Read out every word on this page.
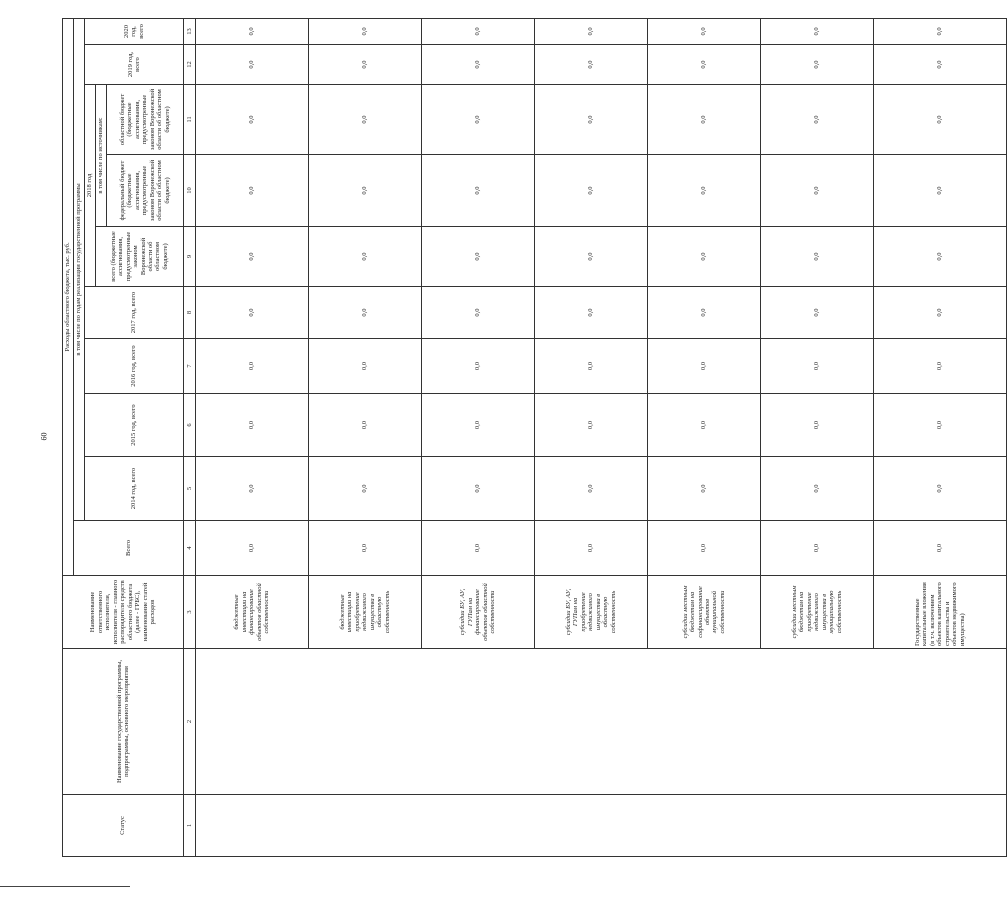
60
Статус	Наименование государственной программы, подпрограммы, основного мероприятия	Наименование ответственного исполнителя, исполнителя - главного распорядителя средств областного бюджета (далее - ГРБС), наименование статей расходов	Расходы областного бюджета, тыс. руб.									
			Всего	в том числе по годам реализации государственной программы								
				2014 год, всего	2015 год, всего	2016 год, всего	2017 год, всего	2018 год			2019 год, всего	2020 год, всего
								всего (бюджетные ассигнования, предусмотренные законом Воронежской области об областном бюджете)	в том числе по источникам:			
									федеральный бюджет (бюджетные ассигнования, предусмотренные законом Воронежской области об областном бюджете)	областной бюджет (бюджетные ассигнования, предусмотренные законом Воронежской области об областном бюджете)		
1	2	3	4	5	6	7	8	9	10	11	12	13
		бюджетные инвестиции на финансирование объектов областной собственности	0,0	0,0	0,0	0,0	0,0	0,0	0,0	0,0	0,0	0,0
		бюджетные инвестиции на приобретение недвижимого имущества в областную собственность	0,0	0,0	0,0	0,0	0,0	0,0	0,0	0,0	0,0	0,0
		субсидии БУ, АУ, ГУПам на финансирование объектов областной собственности	0,0	0,0	0,0	0,0	0,0	0,0	0,0	0,0	0,0	0,0
		субсидии БУ, АУ, ГУПам на приобретение недвижимого имущества в областную собственность	0,0	0,0	0,0	0,0	0,0	0,0	0,0	0,0	0,0	0,0
		субсидии местным бюджетам на софинансирование объектов муниципальной собственности	0,0	0,0	0,0	0,0	0,0	0,0	0,0	0,0	0,0	0,0
		субсидии местным бюджетам на приобретение недвижимого имущества в муниципальную собственность	0,0	0,0	0,0	0,0	0,0	0,0	0,0	0,0	0,0	0,0
		Государственные капитальные вложения (в т.ч. включением объектов капитального строительства и объектов недвижимого имущества)	0,0	0,0	0,0	0,0	0,0	0,0	0,0	0,0	0,0	0,0
